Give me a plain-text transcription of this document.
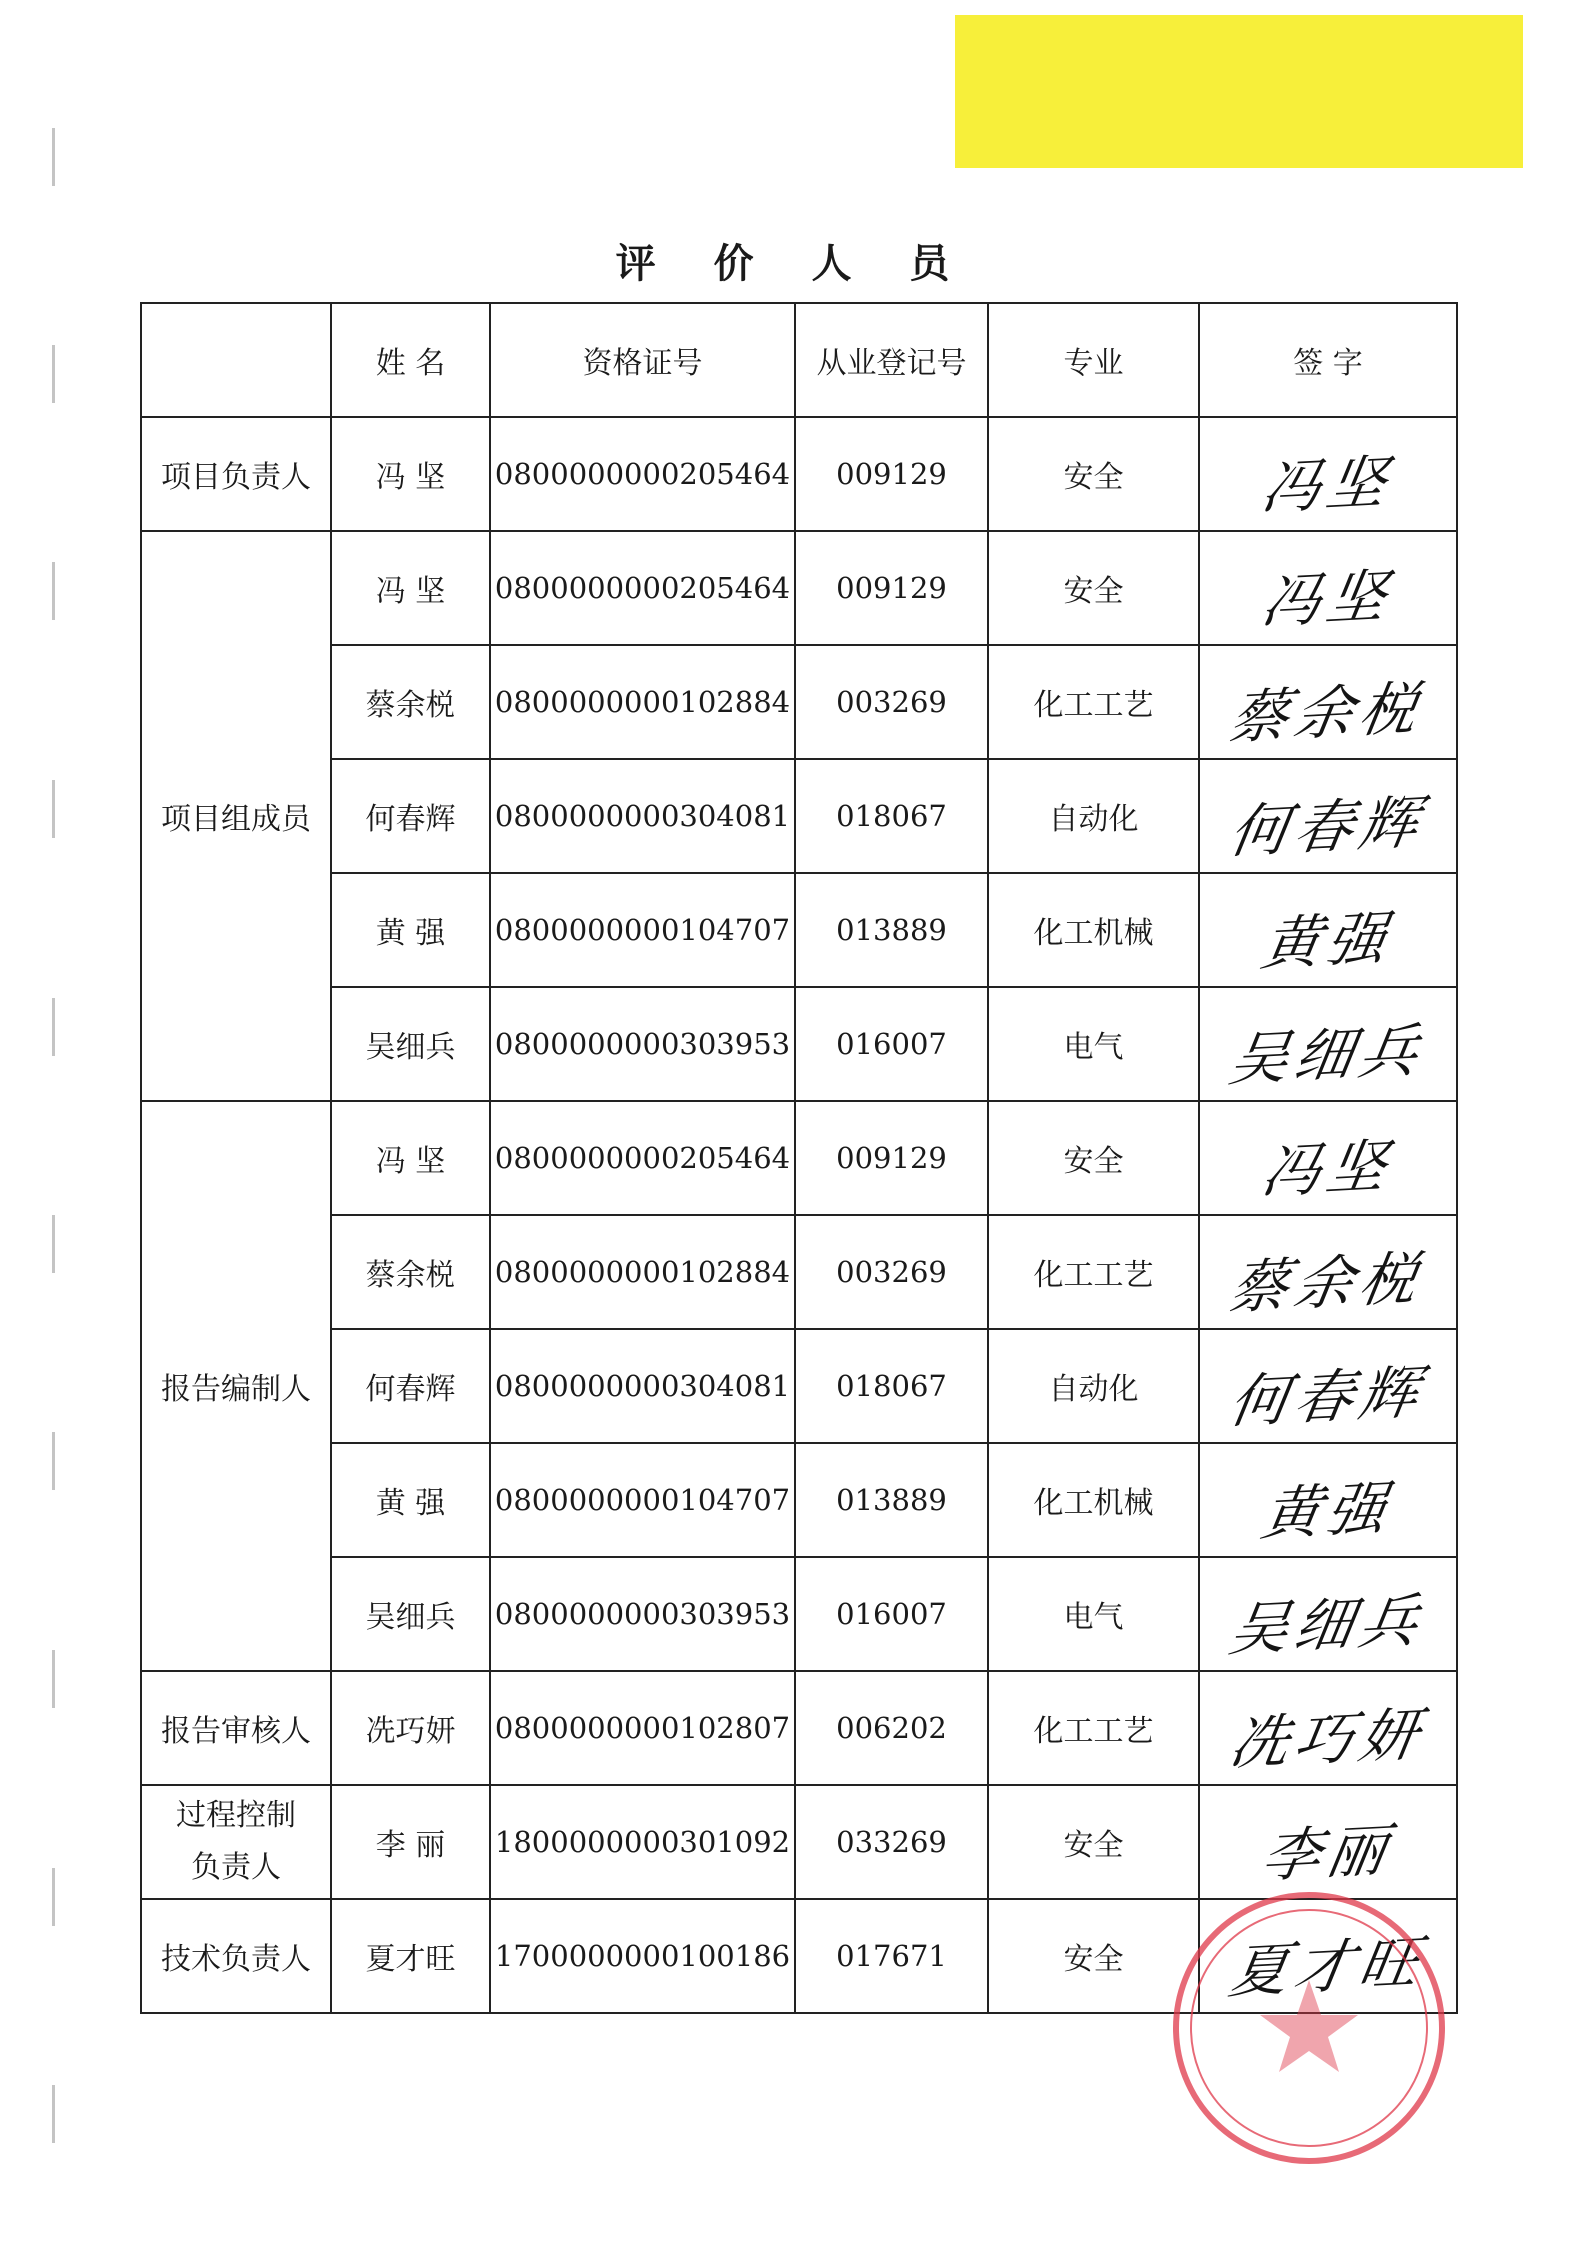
评 价 人 员
	姓 名	资格证号	从业登记号	专业	签 字
项目负责人	冯 坚	0800000000205464	009129	安全	冯坚

项目组成员	冯 坚	0800000000205464	009129	安全	冯坚

	蔡余棁	0800000000102884	003269	化工工艺	蔡余棁

	何春辉	0800000000304081	018067	自动化	何春辉

	黄 强	0800000000104707	013889	化工机械	黄强

	吴细兵	0800000000303953	016007	电气	吴细兵

报告编制人	冯 坚	0800000000205464	009129	安全	冯坚

	蔡余棁	0800000000102884	003269	化工工艺	蔡余棁

	何春辉	0800000000304081	018067	自动化	何春辉

	黄 强	0800000000104707	013889	化工机械	黄强

	吴细兵	0800000000303953	016007	电气	吴细兵

报告审核人	冼巧妍	0800000000102807	006202	化工工艺	冼巧妍

过程控制
负责人	李 丽	1800000000301092	033269	安全	李丽

技术负责人	夏才旺	1700000000100186	017671	安全	夏才旺
